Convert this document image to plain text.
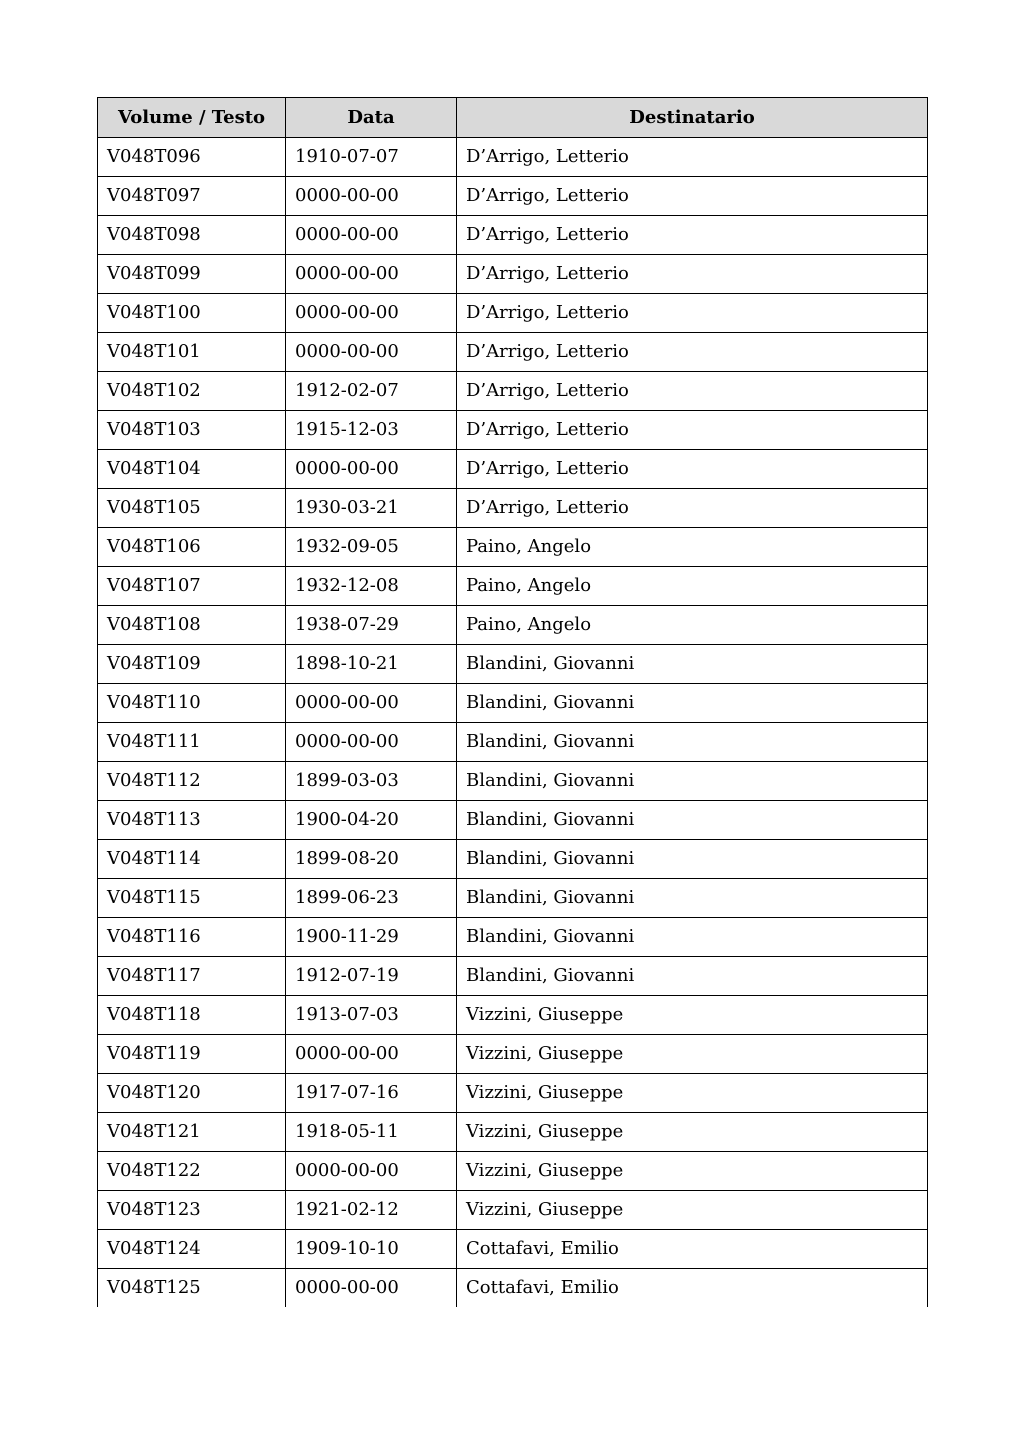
Volume / Testo	Data	Destinatario
V048T096	1910-07-07	D’Arrigo, Letterio
V048T097	0000-00-00	D’Arrigo, Letterio
V048T098	0000-00-00	D’Arrigo, Letterio
V048T099	0000-00-00	D’Arrigo, Letterio
V048T100	0000-00-00	D’Arrigo, Letterio
V048T101	0000-00-00	D’Arrigo, Letterio
V048T102	1912-02-07	D’Arrigo, Letterio
V048T103	1915-12-03	D’Arrigo, Letterio
V048T104	0000-00-00	D’Arrigo, Letterio
V048T105	1930-03-21	D’Arrigo, Letterio
V048T106	1932-09-05	Paino, Angelo
V048T107	1932-12-08	Paino, Angelo
V048T108	1938-07-29	Paino, Angelo
V048T109	1898-10-21	Blandini, Giovanni
V048T110	0000-00-00	Blandini, Giovanni
V048T111	0000-00-00	Blandini, Giovanni
V048T112	1899-03-03	Blandini, Giovanni
V048T113	1900-04-20	Blandini, Giovanni
V048T114	1899-08-20	Blandini, Giovanni
V048T115	1899-06-23	Blandini, Giovanni
V048T116	1900-11-29	Blandini, Giovanni
V048T117	1912-07-19	Blandini, Giovanni
V048T118	1913-07-03	Vizzini, Giuseppe
V048T119	0000-00-00	Vizzini, Giuseppe
V048T120	1917-07-16	Vizzini, Giuseppe
V048T121	1918-05-11	Vizzini, Giuseppe
V048T122	0000-00-00	Vizzini, Giuseppe
V048T123	1921-02-12	Vizzini, Giuseppe
V048T124	1909-10-10	Cottafavi, Emilio
V048T125	0000-00-00	Cottafavi, Emilio
